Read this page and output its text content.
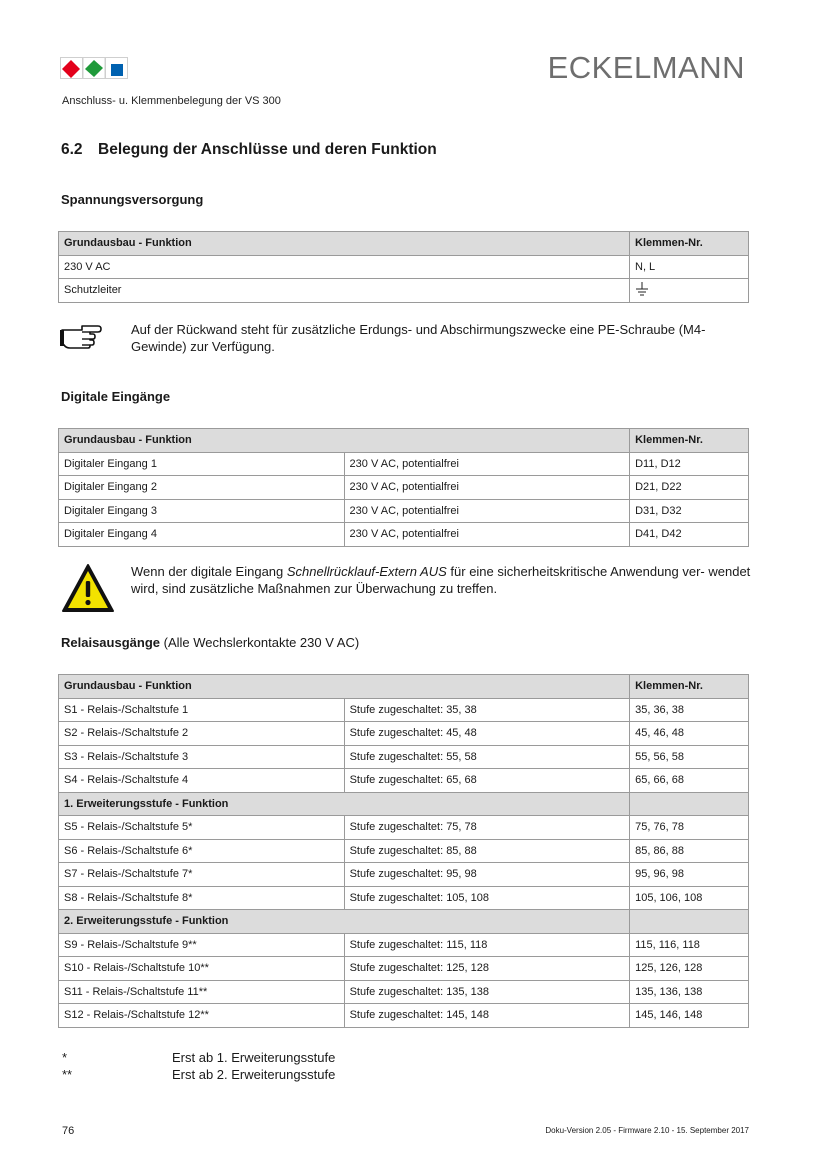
ECKELMANN
Anschluss- u. Klemmenbelegung der VS 300
6.2 Belegung der Anschlüsse und deren Funktion
Spannungsversorgung
Grundausbau - Funktion	Klemmen-Nr.
230 V AC	N, L
Schutzleiter	
Auf der Rückwand steht für zusätzliche Erdungs- und Abschirmungszwecke eine PE-Schraube (M4-Gewinde) zur Verfügung.
Digitale Eingänge
Grundausbau - Funktion		Klemmen-Nr.
Digitaler Eingang 1	230 V AC, potentialfrei	D11, D12
Digitaler Eingang 2	230 V AC, potentialfrei	D21, D22
Digitaler Eingang 3	230 V AC, potentialfrei	D31, D32
Digitaler Eingang 4	230 V AC, potentialfrei	D41, D42
Wenn der digitale Eingang Schnellrücklauf-Extern AUS für eine sicherheitskritische Anwendung ver- wendet wird, sind zusätzliche Maßnahmen zur Überwachung zu treffen.
Relaisausgänge (Alle Wechslerkontakte 230 V AC)
Grundausbau - Funktion		Klemmen-Nr.
S1 - Relais-/Schaltstufe 1	Stufe zugeschaltet: 35, 38	35, 36, 38
S2 - Relais-/Schaltstufe 2	Stufe zugeschaltet: 45, 48	45, 46, 48
S3 - Relais-/Schaltstufe 3	Stufe zugeschaltet: 55, 58	55, 56, 58
S4 - Relais-/Schaltstufe 4	Stufe zugeschaltet: 65, 68	65, 66, 68
1. Erweiterungsstufe - Funktion		
S5 - Relais-/Schaltstufe 5*	Stufe zugeschaltet: 75, 78	75, 76, 78
S6 - Relais-/Schaltstufe 6*	Stufe zugeschaltet: 85, 88	85, 86, 88
S7 - Relais-/Schaltstufe 7*	Stufe zugeschaltet: 95, 98	95, 96, 98
S8 - Relais-/Schaltstufe 8*	Stufe zugeschaltet: 105, 108	105, 106, 108
2. Erweiterungsstufe - Funktion		
S9 - Relais-/Schaltstufe 9**	Stufe zugeschaltet: 115, 118	115, 116, 118
S10 - Relais-/Schaltstufe 10**	Stufe zugeschaltet: 125, 128	125, 126, 128
S11 - Relais-/Schaltstufe 11**	Stufe zugeschaltet: 135, 138	135, 136, 138
S12 - Relais-/Schaltstufe 12**	Stufe zugeschaltet: 145, 148	145, 146, 148
*	Erst ab 1. Erweiterungsstufe
**	Erst ab 2. Erweiterungsstufe
76	Doku-Version 2.05 - Firmware 2.10 - 15. September 2017
